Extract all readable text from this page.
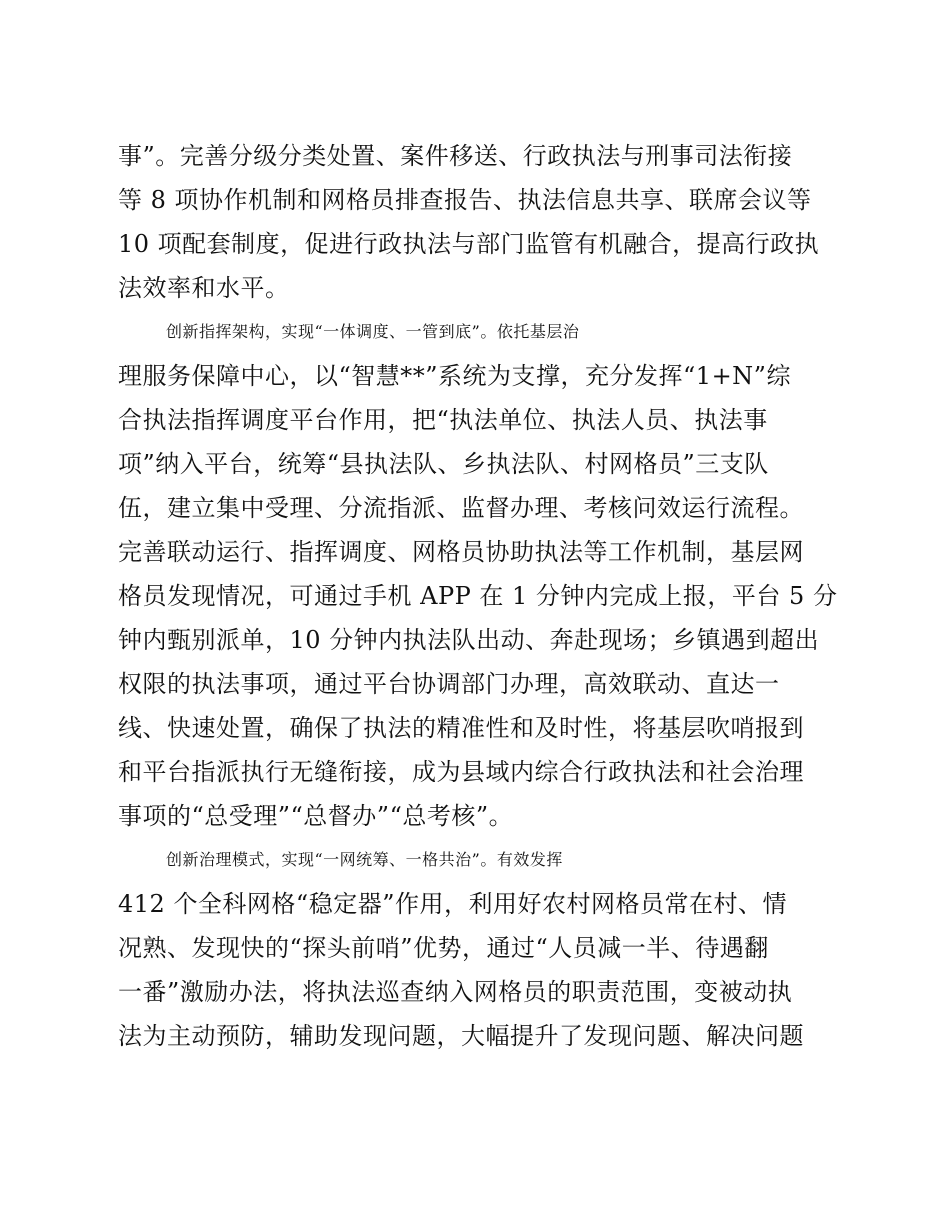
事”。完善分级分类处置、案件移送、行政执法与刑事司法衔接
等 8 项协作机制和网格员排查报告、执法信息共享、联席会议等
10 项配套制度，促进行政执法与部门监管有机融合，提高行政执
法效率和水平。
创新指挥架构，实现“一体调度、一管到底”。依托基层治
理服务保障中心，以“智慧**”系统为支撑，充分发挥“1+N”综
合执法指挥调度平台作用，把“执法单位、执法人员、执法事
项”纳入平台，统筹“县执法队、乡执法队、村网格员”三支队
伍，建立集中受理、分流指派、监督办理、考核问效运行流程。
完善联动运行、指挥调度、网格员协助执法等工作机制，基层网
格员发现情况，可通过手机 APP 在 1 分钟内完成上报，平台 5 分
钟内甄别派单，10 分钟内执法队出动、奔赴现场；乡镇遇到超出
权限的执法事项，通过平台协调部门办理，高效联动、直达一
线、快速处置，确保了执法的精准性和及时性，将基层吹哨报到
和平台指派执行无缝衔接，成为县域内综合行政执法和社会治理
事项的“总受理”“总督办”“总考核”。
创新治理模式，实现“一网统筹、一格共治”。有效发挥
412 个全科网格“稳定器”作用，利用好农村网格员常在村、情
况熟、发现快的“探头前哨”优势，通过“人员减一半、待遇翻
一番”激励办法，将执法巡查纳入网格员的职责范围，变被动执
法为主动预防，辅助发现问题，大幅提升了发现问题、解决问题
